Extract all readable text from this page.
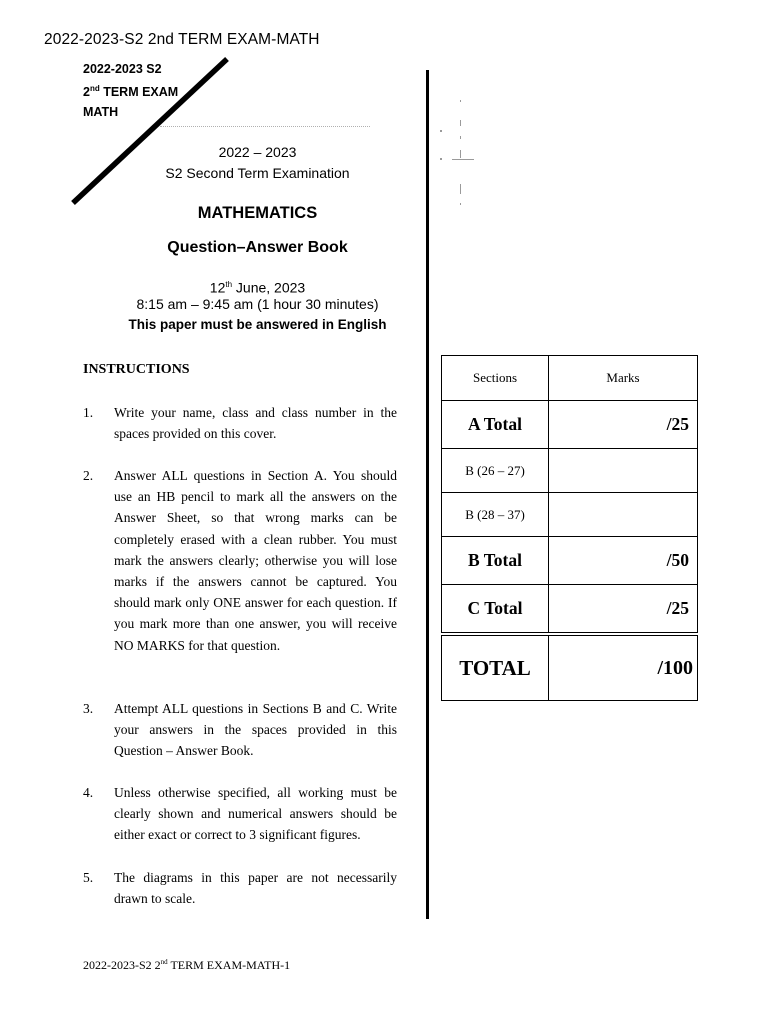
2022-2023-S2 2nd TERM EXAM-MATH
2022-2023 S2
2nd TERM EXAM
MATH
2022 – 2023
S2 Second Term Examination
MATHEMATICS
Question–Answer Book
12th June, 2023
8:15 am – 9:45 am (1 hour 30 minutes)
This paper must be answered in English
INSTRUCTIONS
1. Write your name, class and class number in the spaces provided on this cover.
2. Answer ALL questions in Section A. You should use an HB pencil to mark all the answers on the Answer Sheet, so that wrong marks can be completely erased with a clean rubber. You must mark the answers clearly; otherwise you will lose marks if the answers cannot be captured. You should mark only ONE answer for each question. If you mark more than one answer, you will receive NO MARKS for that question.
3. Attempt ALL questions in Sections B and C. Write your answers in the spaces provided in this Question – Answer Book.
4. Unless otherwise specified, all working must be clearly shown and numerical answers should be either exact or correct to 3 significant figures.
5. The diagrams in this paper are not necessarily drawn to scale.
Sections	Marks
A Total	/25
B (26 – 27)	
B (28 – 37)	
B Total	/50
C Total	/25
TOTAL	/100
2022-2023-S2 2nd TERM EXAM-MATH-1
